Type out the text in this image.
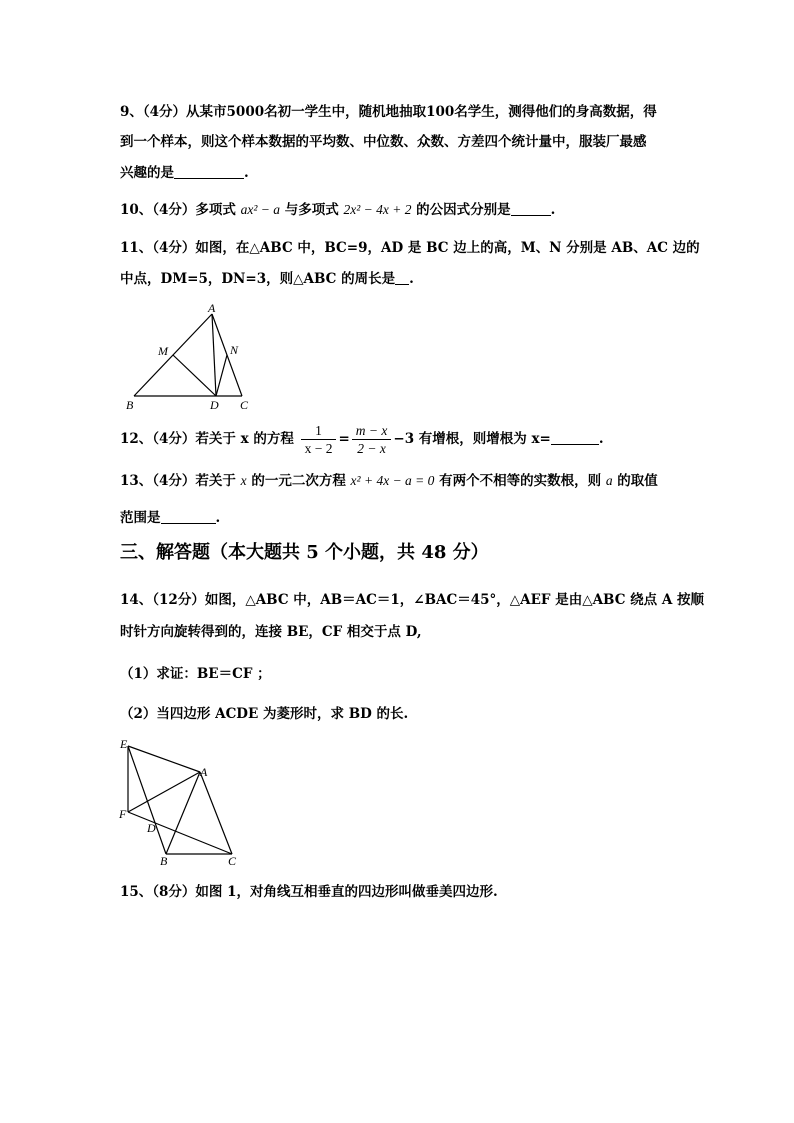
9、（4分）从某市5000名初一学生中，随机地抽取100名学生，测得他们的身高数据，得
到一个样本，则这个样本数据的平均数、中位数、众数、方差四个统计量中，服装厂最感
兴趣的是	.
10、（4分）多项式 ax² − a 与多项式 2x² − 4x + 2 的公因式分别是	.
11、（4分）如图，在△ABC 中，BC=9，AD 是 BC 边上的高，M、N 分别是 AB、AC 边的
中点，DM=5，DN=3，则△ABC 的周长是 .
A
M	N
B	D C
12、（4分）若关于 x 的方程 $\frac{1}{x - 2} = \frac{m - x}{2 - x} -3$ 有增根，则增根为 x=	.
13、（4分）若关于 x 的一元二次方程 x² + 4x − a = 0 有两个不相等的实数根，则 a 的取值
范围是	.
三、解答题（本大题共 5 个小题，共 48 分）
14、（12分）如图，△ABC 中，AB＝AC＝1，∠BAC＝45°，△AEF 是由△ABC 绕点 A 按顺
时针方向旋转得到的，连接 BE，CF 相交于点 D,
（1）求证：BE＝CF ；
（2）当四边形 ACDE 为菱形时，求 BD 的长.
E
A
F
D
B	C
15、（8分）如图 1，对角线互相垂直的四边形叫做垂美四边形.
